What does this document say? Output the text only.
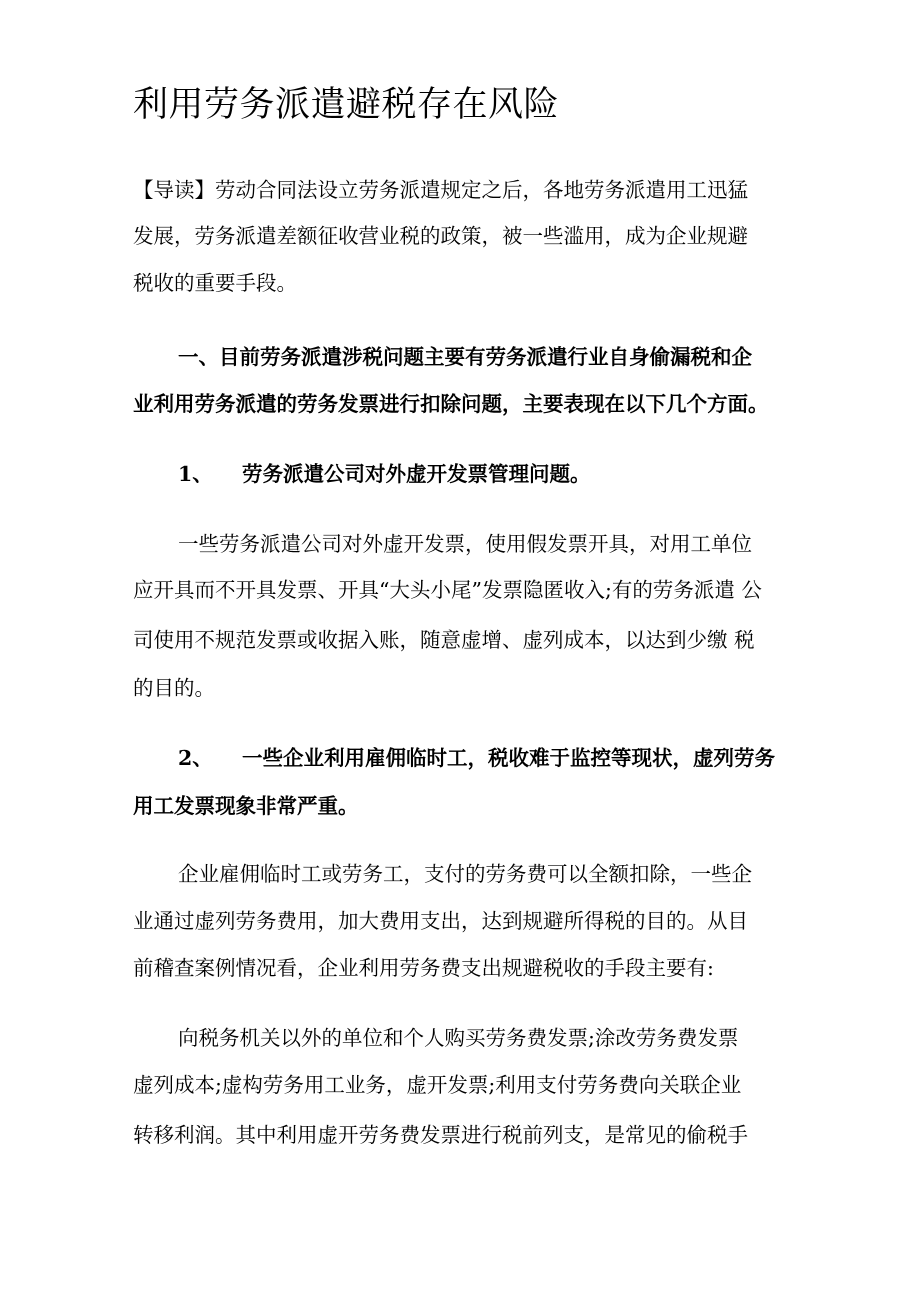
利用劳务派遣避税存在风险

【导读】劳动合同法设立劳务派遣规定之后，各地劳务派遣用工迅猛

发展，劳务派遣差额征收营业税的政策，被一些滥用，成为企业规避

税收的重要手段。

一、目前劳务派遣涉税问题主要有劳务派遣行业自身偷漏税和企

业利用劳务派遣的劳务发票进行扣除问题，主要表现在以下几个方面。

1、 劳务派遣公司对外虚开发票管理问题。

一些劳务派遣公司对外虚开发票，使用假发票开具，对用工单位

应开具而不开具发票、开具“大头小尾”发票隐匿收入;有的劳务派遣 公

司使用不规范发票或收据入账，随意虚增、虚列成本，以达到少缴 税

的目的。

2、 一些企业利用雇佣临时工，税收难于监控等现状，虚列劳务

用工发票现象非常严重。

企业雇佣临时工或劳务工，支付的劳务费可以全额扣除，一些企

业通过虚列劳务费用，加大费用支出，达到规避所得税的目的。从目

前稽查案例情况看，企业利用劳务费支出规避税收的手段主要有:

向税务机关以外的单位和个人购买劳务费发票;涂改劳务费发票

虚列成本;虚构劳务用工业务，虚开发票;利用支付劳务费向关联企业

转移利润。其中利用虚开劳务费发票进行税前列支，是常见的偷税手
